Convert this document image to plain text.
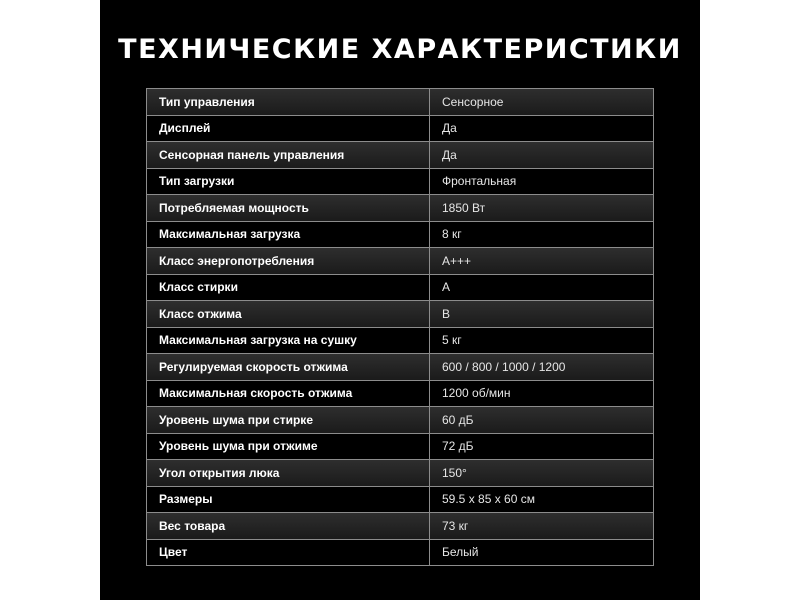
ТЕХНИЧЕСКИЕ ХАРАКТЕРИСТИКИ
Тип управления	Сенсорное
Дисплей	Да
Сенсорная панель управления	Да
Тип загрузки	Фронтальная
Потребляемая мощность	1850 Вт
Максимальная загрузка	8 кг
Класс энергопотребления	А+++
Класс стирки	А
Класс отжима	В
Максимальная загрузка на сушку	5 кг
Регулируемая скорость отжима	600 / 800 / 1000 / 1200
Максимальная скорость отжима	1200 об/мин
Уровень шума при стирке	60 дБ
Уровень шума при отжиме	72 дБ
Угол открытия люка	150°
Размеры	59.5 х 85 х 60 см
Вес товара	73 кг
Цвет	Белый
